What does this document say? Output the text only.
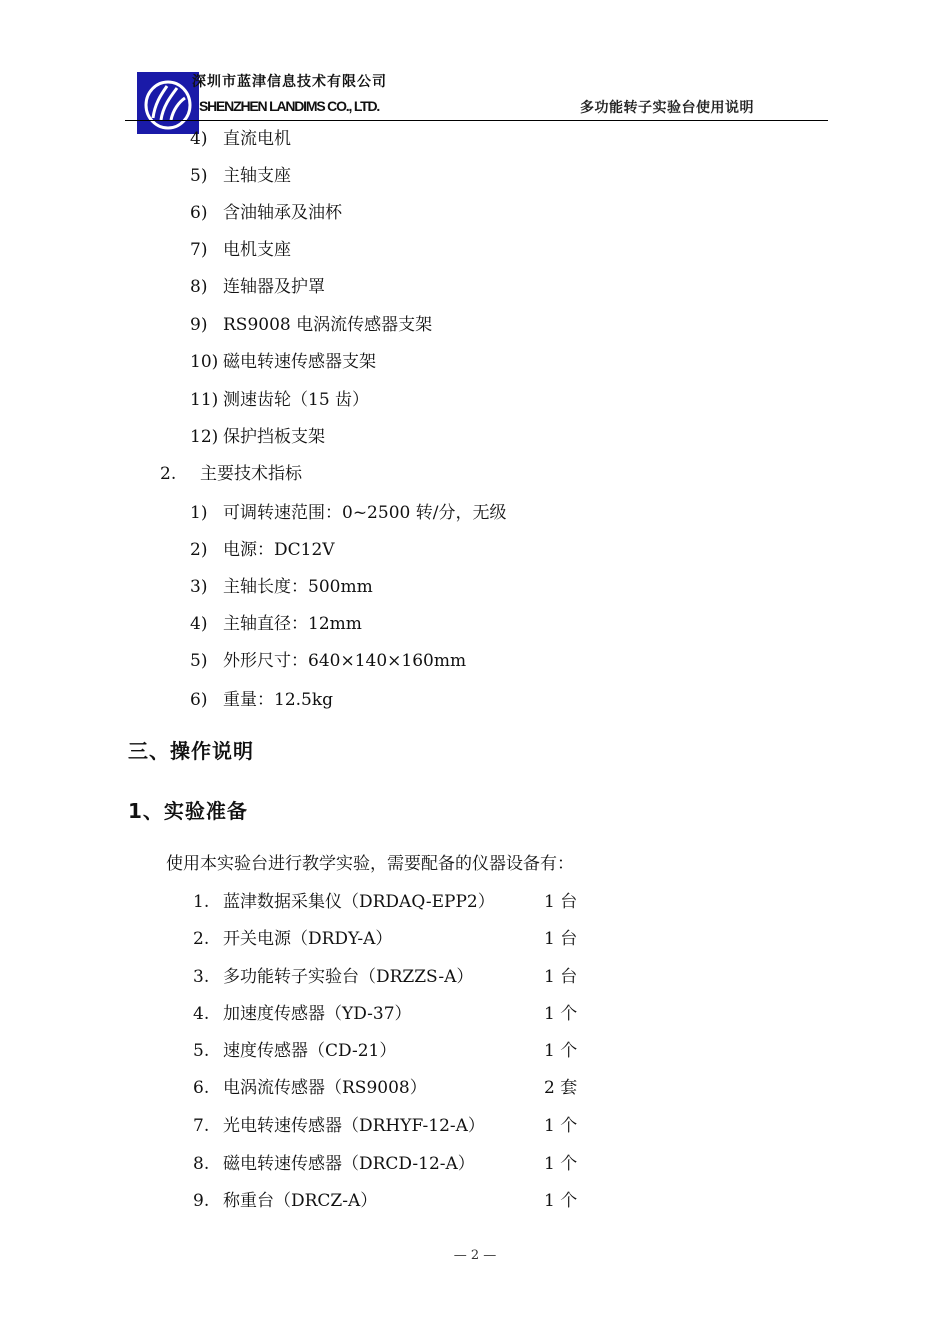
深圳市蓝津信息技术有限公司
SHENZHEN LANDIMS CO., LTD.	多功能转子实验台使用说明
4) 直流电机
5) 主轴支座
6) 含油轴承及油杯
7) 电机支座
8) 连轴器及护罩
9) RS9008 电涡流传感器支架
10) 磁电转速传感器支架
11) 测速齿轮（15 齿）
12) 保护挡板支架
2. 主要技术指标
1) 可调转速范围：0~2500 转/分，无级
2) 电源：DC12V
3) 主轴长度：500mm
4) 主轴直径：12mm
5) 外形尺寸：640×140×160mm
6) 重量：12.5kg
三、操作说明
1、实验准备
使用本实验台进行教学实验，需要配备的仪器设备有：
1. 蓝津数据采集仪（DRDAQ-EPP2）	1 台
2. 开关电源（DRDY-A）	1 台
3. 多功能转子实验台（DRZZS-A）	1 台
4. 加速度传感器（YD-37）	1 个
5. 速度传感器（CD-21）	1 个
6. 电涡流传感器（RS9008）	2 套
7. 光电转速传感器（DRHYF-12-A）	1 个
8. 磁电转速传感器（DRCD-12-A）	1 个
9. 称重台（DRCZ-A）	1 个
— 2 —
